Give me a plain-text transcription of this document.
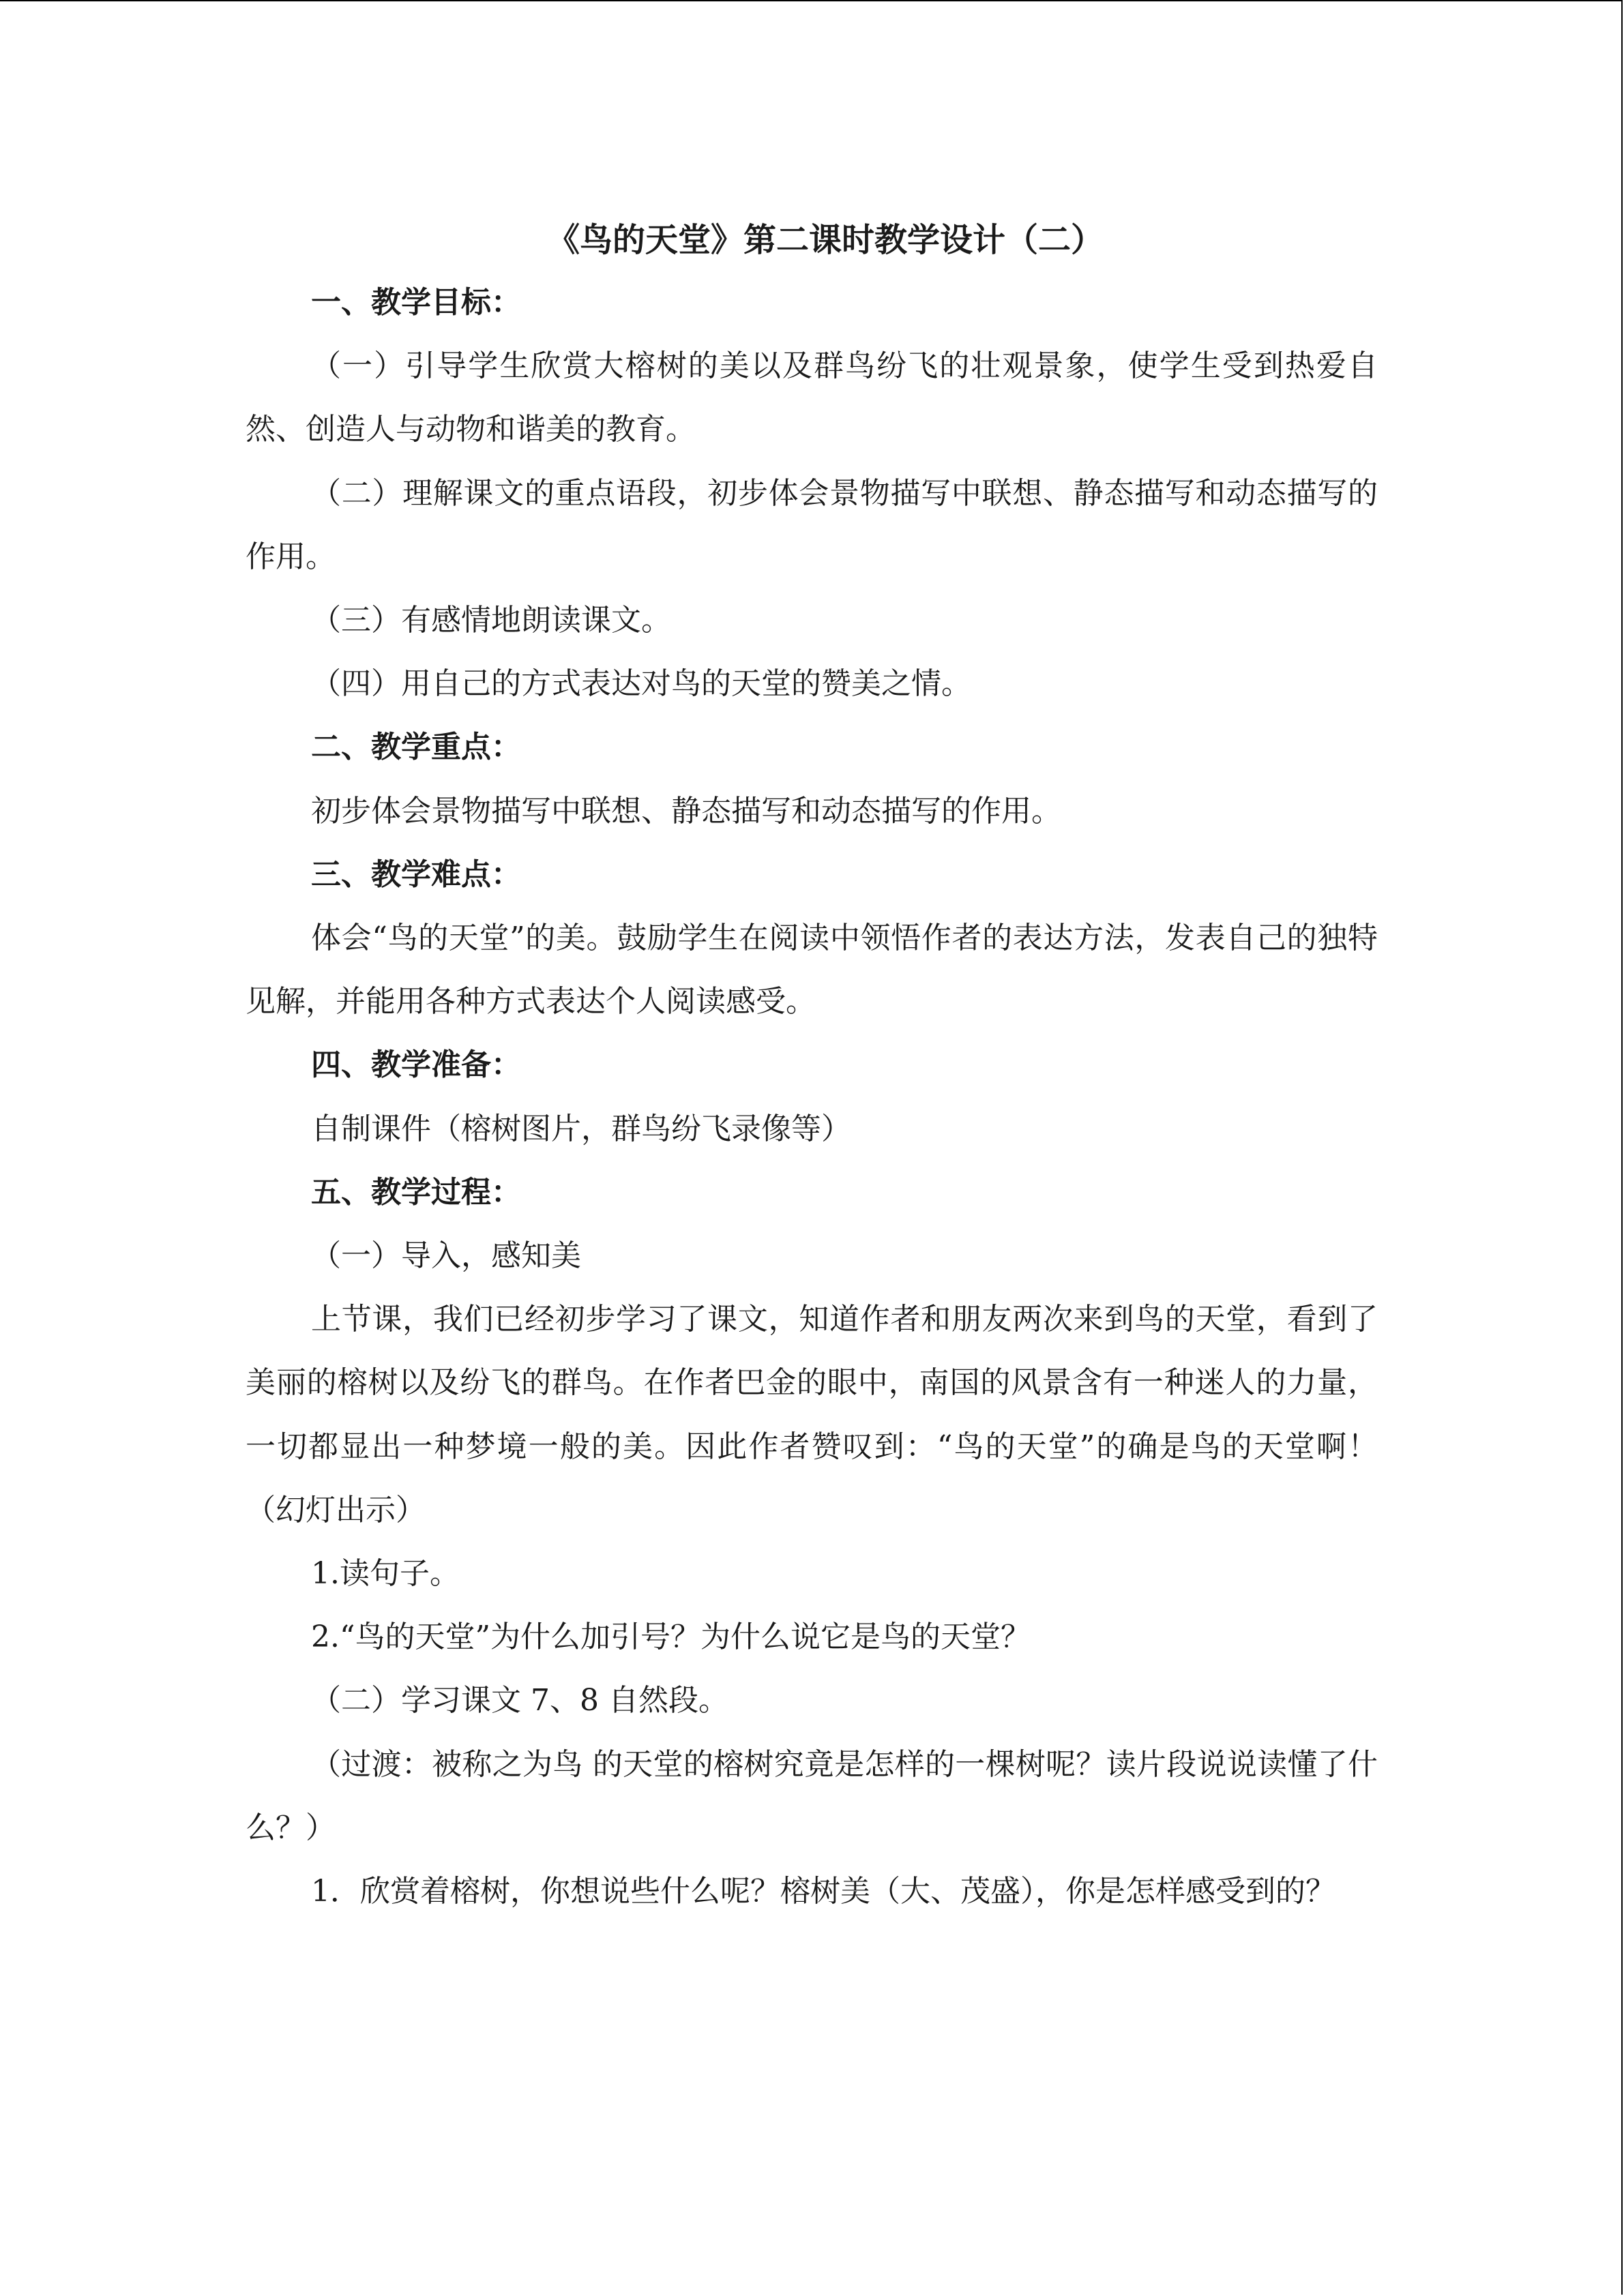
《鸟的天堂》第二课时教学设计（二）

一、教学目标：

（一）引导学生欣赏大榕树的美以及群鸟纷飞的壮观景象，使学生受到热爱自然、创造人与动物和谐美的教育。

（二）理解课文的重点语段，初步体会景物描写中联想、静态描写和动态描写的作用。

（三）有感情地朗读课文。

（四）用自己的方式表达对鸟的天堂的赞美之情。

二、教学重点：

初步体会景物描写中联想、静态描写和动态描写的作用。

三、教学难点：

体会“鸟的天堂”的美。鼓励学生在阅读中领悟作者的表达方法，发表自己的独特见解，并能用各种方式表达个人阅读感受。

四、教学准备：

自制课件（榕树图片，群鸟纷飞录像等）

五、教学过程：

（一）导入，感知美

上节课，我们已经初步学习了课文，知道作者和朋友两次来到鸟的天堂，看到了美丽的榕树以及纷飞的群鸟。在作者巴金的眼中，南国的风景含有一种迷人的力量，一切都显出一种梦境一般的美。因此作者赞叹到：“鸟的天堂”的确是鸟的天堂啊！（幻灯出示）

1.读句子。

2.“鸟的天堂”为什么加引号？为什么说它是鸟的天堂？

（二）学习课文 7、8 自然段。

（过渡：被称之为鸟 的天堂的榕树究竟是怎样的一棵树呢？读片段说说读懂了什么？）

1．欣赏着榕树，你想说些什么呢？榕树美（大、茂盛），你是怎样感受到的？
